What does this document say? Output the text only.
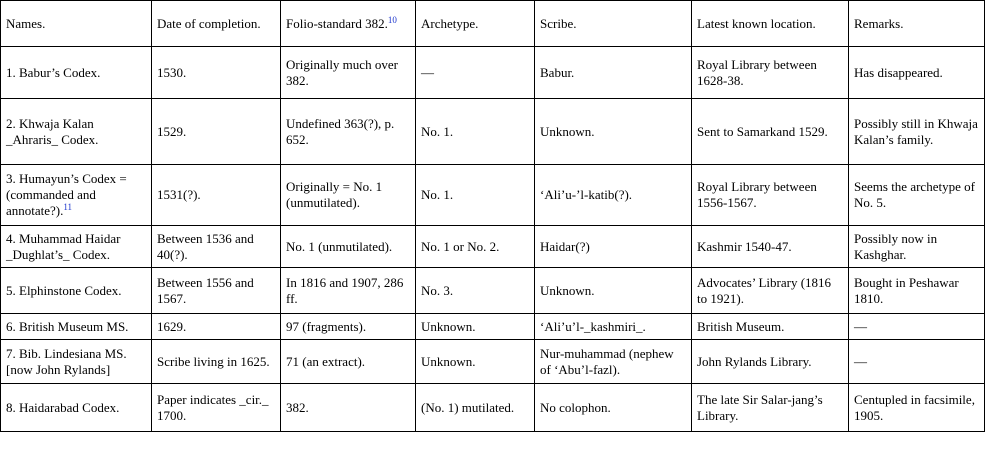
Names.	Date of completion.	Folio-standard 382.10	Archetype.	Scribe.	Latest known location.	Remarks.
1. Babur’s Codex.	1530.	Originally much over 382.	—	Babur.	Royal Library between 1628-38.	Has disappeared.
2. Khwaja Kalan _Ahraris_ Codex.	1529.	Undefined 363(?), p. 652.	No. 1.	Unknown.	Sent to Samarkand 1529.	Possibly still in Khwaja Kalan’s family.
3. Humayun’s Codex = (commanded and annotate?).$^{11}$	1531(?).	Originally = No. 1 (unmutilated).	No. 1.	‘Ali’u-’l-katib(?).	Royal Library between 1556-1567.	Seems the archetype of No. 5.
4. Muhammad Haidar _Dughlat’s_ Codex.	Between 1536 and 40(?).	No. 1 (unmutilated).	No. 1 or No. 2.	Haidar(?)	Kashmir 1540-47.	Possibly now in Kashghar.
5. Elphinstone Codex.	Between 1556 and 1567.	In 1816 and 1907, 286 ff.	No. 3.	Unknown.	Advocates’ Library (1816 to 1921).	Bought in Peshawar 1810.
6. British Museum MS.	1629.	97 (fragments).	Unknown.	‘Ali’u’l-_kashmiri_.	British Museum.	—
7. Bib. Lindesiana MS. [now John Rylands]	Scribe living in 1625.	71 (an extract).	Unknown.	Nur-muhammad (nephew of ‘Abu’l-fazl).	John Rylands Library.	—
8. Haidarabad Codex.	Paper indicates _cir._ 1700.	382.	(No. 1) mutilated.	No colophon.	The late Sir Salar-jang’s Library.	Centupled in facsimile, 1905.
